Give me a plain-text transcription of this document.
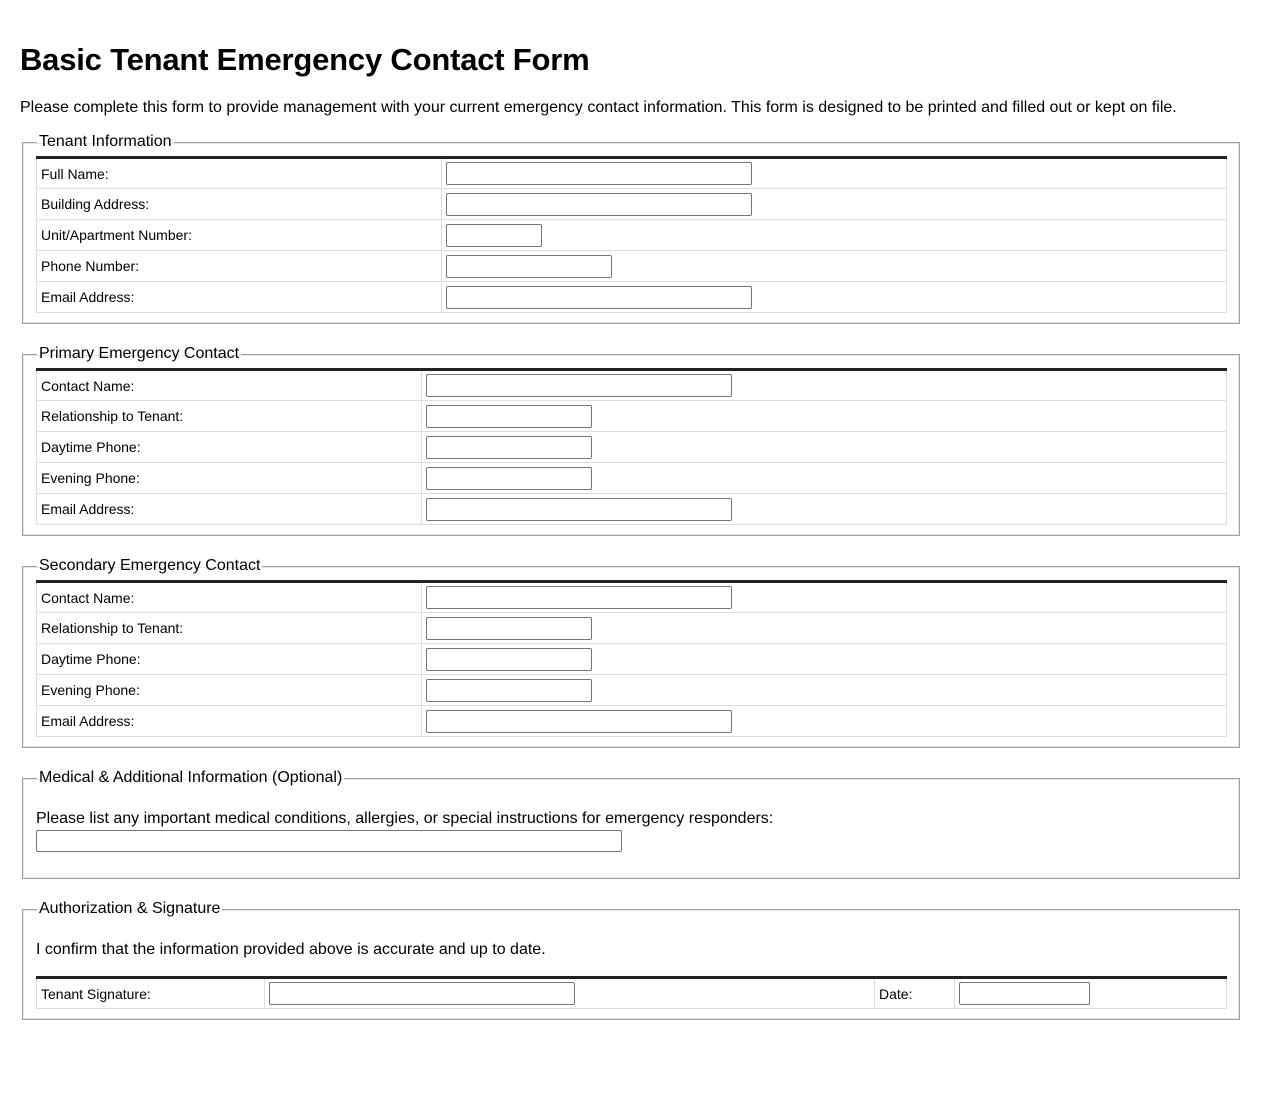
Basic Tenant Emergency Contact Form

Please complete this form to provide management with your current emergency contact information. This form is designed to be printed and filled out or kept on file.

Tenant Information
Full Name:	

Building Address:	

Unit/Apartment Number:	

Phone Number:	

Email Address:	
Primary Emergency Contact
Contact Name:	

Relationship to Tenant:	

Daytime Phone:	

Evening Phone:	

Email Address:	
Secondary Emergency Contact
Contact Name:	

Relationship to Tenant:	

Daytime Phone:	

Evening Phone:	

Email Address:	
Medical & Additional Information (Optional)

Please list any important medical conditions, allergies, or special instructions for emergency responders:

Authorization & Signature

I confirm that the information provided above is accurate and up to date.

Tenant Signature:		Date:	
